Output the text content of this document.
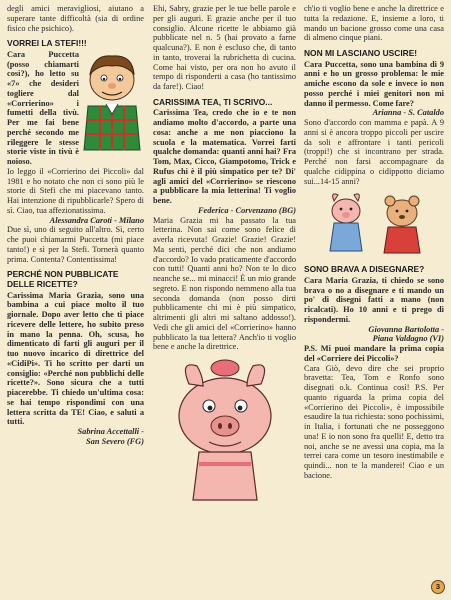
degli amici meravigliosi, aiutano a superare tante difficoltà (sia di ordine fisico che psichico).

VORREI LA STEFI!!!

Cara Puccetta (posso chiamarti così?), ho letto su «7» che desideri togliere dal «Corrierino» i fumetti della tivù. Per me fai bene perché secondo me rileggere le stesse storie viste in tivù è noioso.

Io leggo il «Corrierino dei Piccoli» dal 1981 e ho notato che non ci sono più le storie di Stefi che mi piacevano tanto. Hai intenzione di ripubblicarle? Spero di sì. Ciao, tua affezionatissima.

Alessandra Caroti - Milano

Due sì, uno di seguito all'altro. Sì, certo che puoi chiamarmi Puccetta (mi piace tanto!) e sì per la Stefi. Tornerà quanto prima. Contenta? Contentissima!

PERCHÉ NON PUBBLICATE DELLE RICETTE?

Carissima Maria Grazia, sono una bambina a cui piace molto il tuo giornale. Dopo aver letto che ti piace ricevere delle lettere, ho subito preso in mano la penna. Oh, scusa, ho dimenticato di farti gli auguri per il tuo nuovo incarico di direttrice del «CidiPi». Ti ho scritto per darti un consiglio: «Perché non pubblichi delle ricette?». Sono sicura che a tutti piacerebbe. Ti chiedo un'ultima cosa: se hai tempo rispondimi con una lettera scritta da TE! Ciao, e saluti a tutti.

Sabrina Accettalli -

San Severo (FG)

Ehi, Sabry, grazie per le tue belle parole e per gli auguri. E grazie anche per il tuo consiglio. Alcune ricette le abbiamo già pubblicate nel n. 5 (hai provato a farne qualcuna?). E non è escluso che, di tanto in tanto, troverai la rubrichetta di cucina. Come hai visto, per ora non ho avuto il tempo di risponderti a casa (ho tantissimo da fare!). Ciao!

CARISSIMA TEA, TI SCRIVO...

Carissima Tea, credo che io e te non andiamo molto d'accordo, a parte una cosa: anche a me non piacciono la scuola e la matematica. Vorrei farti qualche domanda: quanti anni hai? Fra Tom, Max, Cicco, Giampotomo, Trick e Rufus chi è il più simpatico per te? Di' agli amici del «Corrierino» se riescono a pubblicare la mia letterina! Ti voglio bene.

Federica - Corvenzano (BG)

Maria Grazia mi ha passato la tua letterina. Non sai come sono felice di averla ricevuta! Grazie! Grazie! Grazie! Ma senti, perché dici che non andiamo d'accordo? Io vado praticamente d'accordo con tutti! Quanti anni ho? Non te lo dico neanche se... mi minacci! È un mio grande segreto. E non rispondo nemmeno alla tua seconda domanda (non posso dirti pubblicamente chi mi è più simpatico, altrimenti gli altri mi saltano addosso!). Vedi che gli amici del «Corrierino» hanno pubblicato la tua lettera? Anch'io ti voglio bene e anche la direttrice.

ch'io ti voglio bene e anche la direttrice e tutta la redazione. E, insieme a loro, ti mando un bacione grosso come una casa di almeno cinque piani.

NON MI LASCIANO USCIRE!

Cara Puccetta, sono una bambina di 9 anni e ho un grosso problema: le mie amiche escono da sole e invece io non posso perché i miei genitori non mi danno il permesso. Come fare?

Arianna - S. Cataldo

Sono d'accordo con mamma e papà. A 9 anni si è ancora troppo piccoli per uscire da soli e affrontare i tanti pericoli (troppi!) che si incontrano per strada. Perché non farsi accompagnare da qualche cidippina o cidippotto diciamo sui...14-15 anni?

SONO BRAVA A DISEGNARE?

Cara Maria Grazia, ti chiedo se sono brava o no a disegnare e ti mando un po' di disegni fatti a mano (non ricalcati). Ho 10 anni e ti prego di rispondermi.

Giovanna Bartolotta -

Piana Valdagno (VI)

P.S. Mi puoi mandare la prima copia del «Corriere dei Piccoli»?

Cara Giò, devo dire che sei proprio bravetta: Tea, Tom e Ronfo sono disegnati o.k. Continua così! P.S. Per quanto riguarda la prima copia del «Corrierino dei Piccoli», è impossibile esaudire la tua richiesta: sono pochissimi, in Italia, i fortunati che ne posseggono una! E io non sono fra quelli! E, detto tra noi, anche se ne avessi una copia, ma la terrei cara come un tesoro inestimabile e quindi... non te la manderei! Ciao e un bacione.

3
